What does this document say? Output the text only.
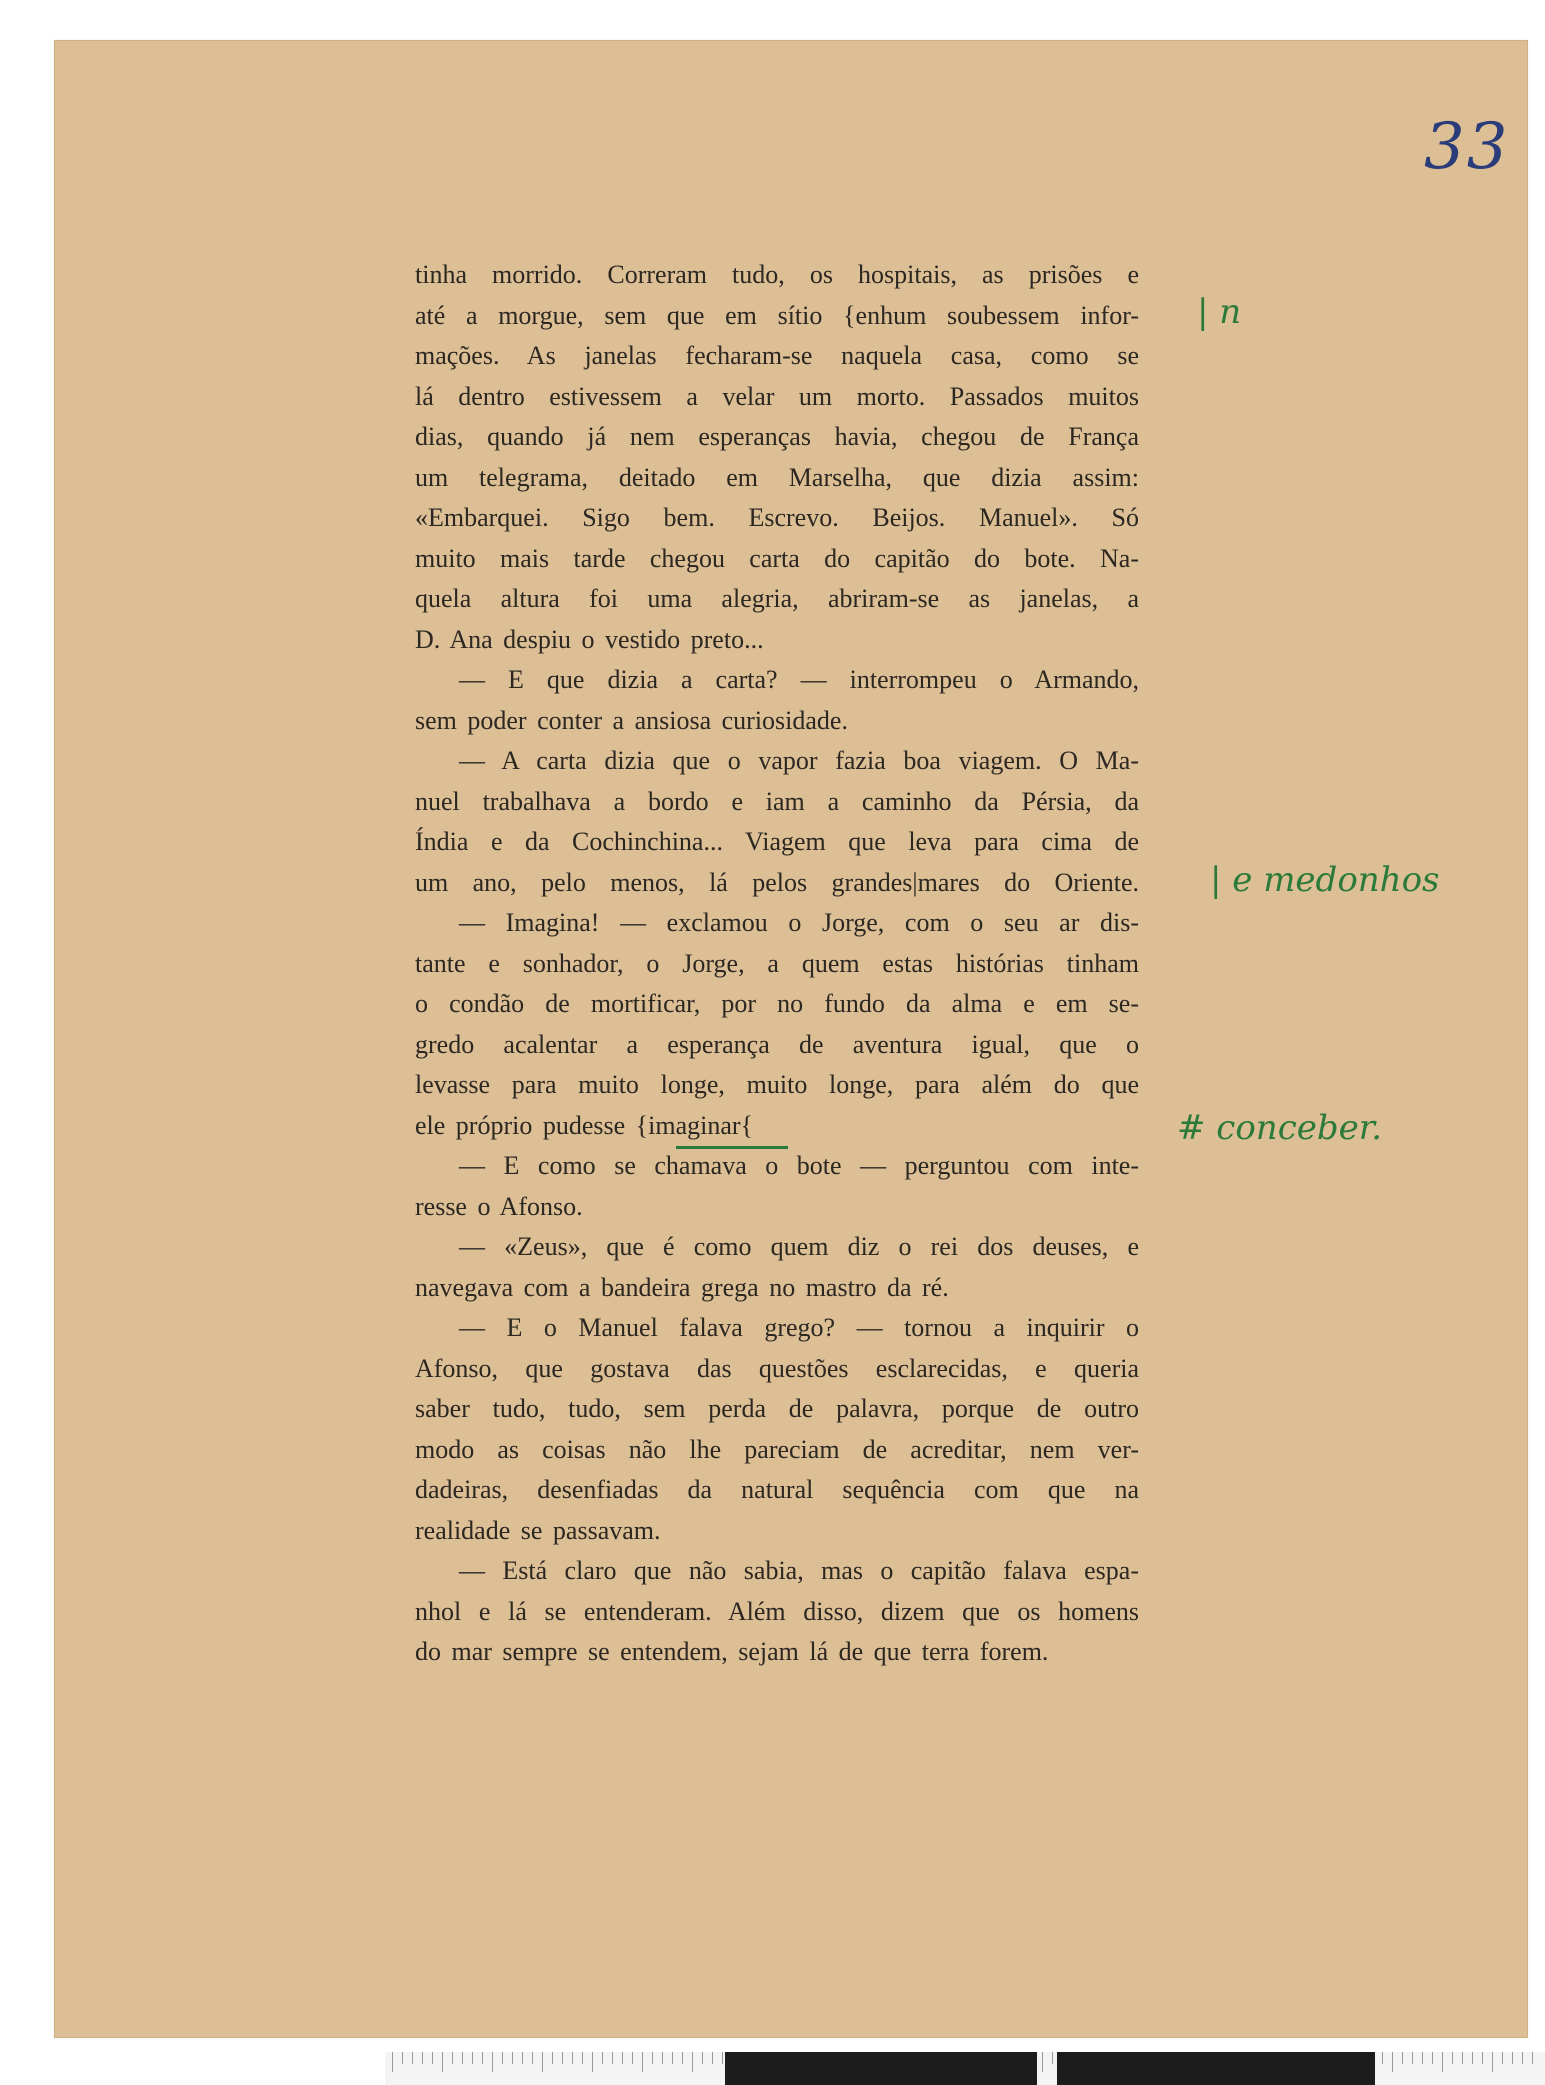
33
tinha morrido. Correram tudo, os hospitais, as prisões e
até a morgue, sem que em sítio {enhum soubessem infor-
mações. As janelas fecharam-se naquela casa, como se
lá dentro estivessem a velar um morto. Passados muitos
dias, quando já nem esperanças havia, chegou de França
um telegrama, deitado em Marselha, que dizia assim:
«Embarquei. Sigo bem. Escrevo. Beijos. Manuel». Só
muito mais tarde chegou carta do capitão do bote. Na-
quela altura foi uma alegria, abriram-se as janelas, a
D. Ana despiu o vestido preto...
— E que dizia a carta? — interrompeu o Armando,
sem poder conter a ansiosa curiosidade.
— A carta dizia que o vapor fazia boa viagem. O Ma-
nuel trabalhava a bordo e iam a caminho da Pérsia, da
Índia e da Cochinchina... Viagem que leva para cima de
um ano, pelo menos, lá pelos grandes|mares do Oriente.
— Imagina! — exclamou o Jorge, com o seu ar dis-
tante e sonhador, o Jorge, a quem estas histórias tinham
o condão de mortificar, por no fundo da alma e em se-
gredo acalentar a esperança de aventura igual, que o
levasse para muito longe, muito longe, para além do que
ele próprio pudesse {imaginar{
— E como se chamava o bote — perguntou com inte-
resse o Afonso.
— «Zeus», que é como quem diz o rei dos deuses, e
navegava com a bandeira grega no mastro da ré.
— E o Manuel falava grego? — tornou a inquirir o
Afonso, que gostava das questões esclarecidas, e queria
saber tudo, tudo, sem perda de palavra, porque de outro
modo as coisas não lhe pareciam de acreditar, nem ver-
dadeiras, desenfiadas da natural sequência com que na
realidade se passavam.
— Está claro que não sabia, mas o capitão falava espa-
nhol e lá se entenderam. Além disso, dizem que os homens
do mar sempre se entendem, sejam lá de que terra forem.
| n
| e medonhos
# conceber.
